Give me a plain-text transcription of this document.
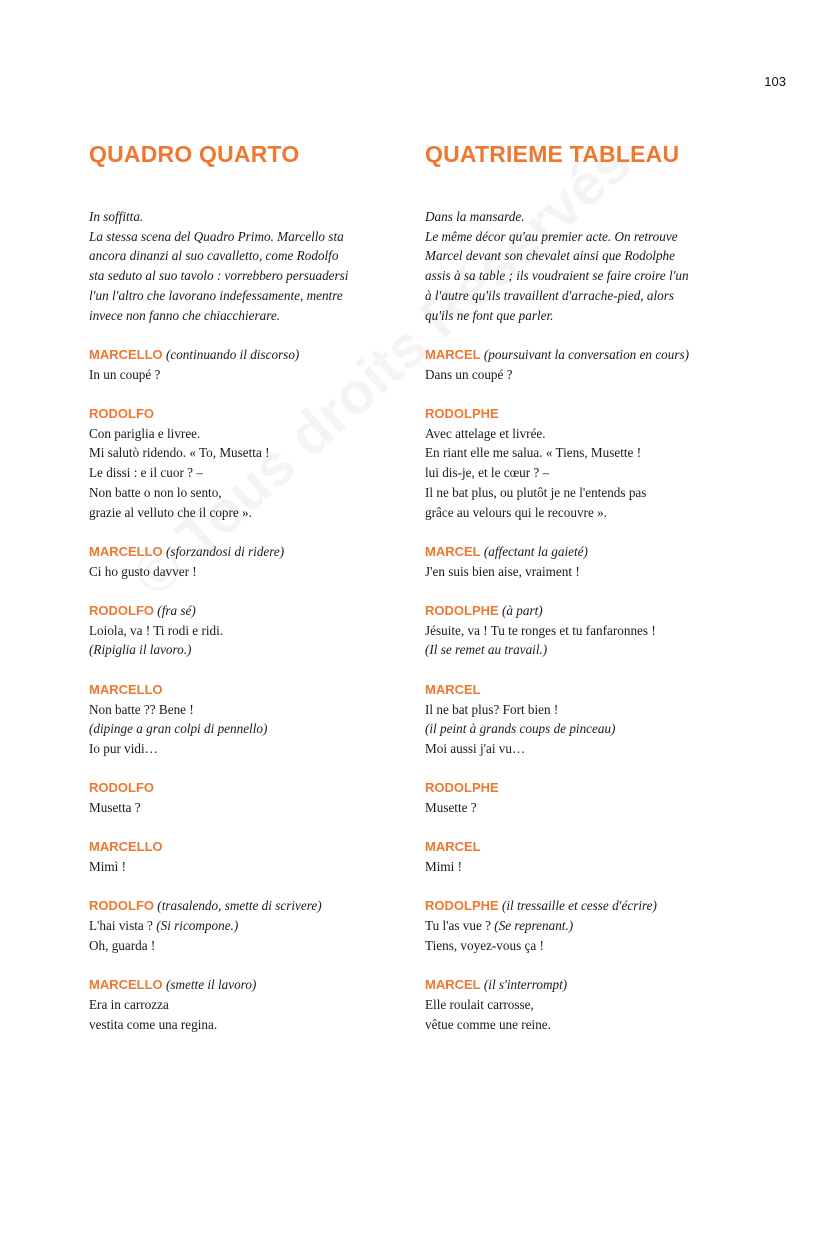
103
QUADRO QUARTO
In soffitta.
La stessa scena del Quadro Primo. Marcello sta
ancora dinanzi al suo cavalletto, come Rodolfo
sta seduto al suo tavolo : vorrebbero persuadersi
l'un l'altro che lavorano indefessamente, mentre
invece non fanno che chiacchierare.
MARCELLO (continuando il discorso)
In un coupé ?
RODOLFO
Con pariglia e livree.
Mi salutò ridendo. « To, Musetta !
Le dissi : e il cuor ? –
Non batte o non lo sento,
grazie al velluto che il copre ».
MARCELLO (sforzandosi di ridere)
Ci ho gusto davver !
RODOLFO (fra sé)
Loiola, va ! Ti rodi e ridi.
(Ripiglia il lavoro.)
MARCELLO
Non batte ?? Bene !
(dipinge a gran colpi di pennello)
Io pur vidi…
RODOLFO
Musetta ?
MARCELLO
Mimì !
RODOLFO (trasalendo, smette di scrivere)
L'hai vista ? (Si ricompone.)
Oh, guarda !
MARCELLO (smette il lavoro)
Era in carrozza
vestita come una regina.
QUATRIEME TABLEAU
Dans la mansarde.
Le même décor qu'au premier acte. On retrouve
Marcel devant son chevalet ainsi que Rodolphe
assis à sa table ; ils voudraient se faire croire l'un
à l'autre qu'ils travaillent d'arrache-pied, alors
qu'ils ne font que parler.
MARCEL (poursuivant la conversation en cours)
Dans un coupé ?
RODOLPHE
Avec attelage et livrée.
En riant elle me salua. « Tiens, Musette !
lui dis-je, et le cœur ? –
Il ne bat plus, ou plutôt je ne l'entends pas
grâce au velours qui le recouvre ».
MARCEL (affectant la gaieté)
J'en suis bien aise, vraiment !
RODOLPHE (à part)
Jésuite, va ! Tu te ronges et tu fanfaronnes !
(Il se remet au travail.)
MARCEL
Il ne bat plus? Fort bien !
(il peint à grands coups de pinceau)
Moi aussi j'ai vu…
RODOLPHE
Musette ?
MARCEL
Mimi !
RODOLPHE (il tressaille et cesse d'écrire)
Tu l'as vue ? (Se reprenant.)
Tiens, voyez-vous ça !
MARCEL (il s'interrompt)
Elle roulait carrosse,
vêtue comme une reine.
